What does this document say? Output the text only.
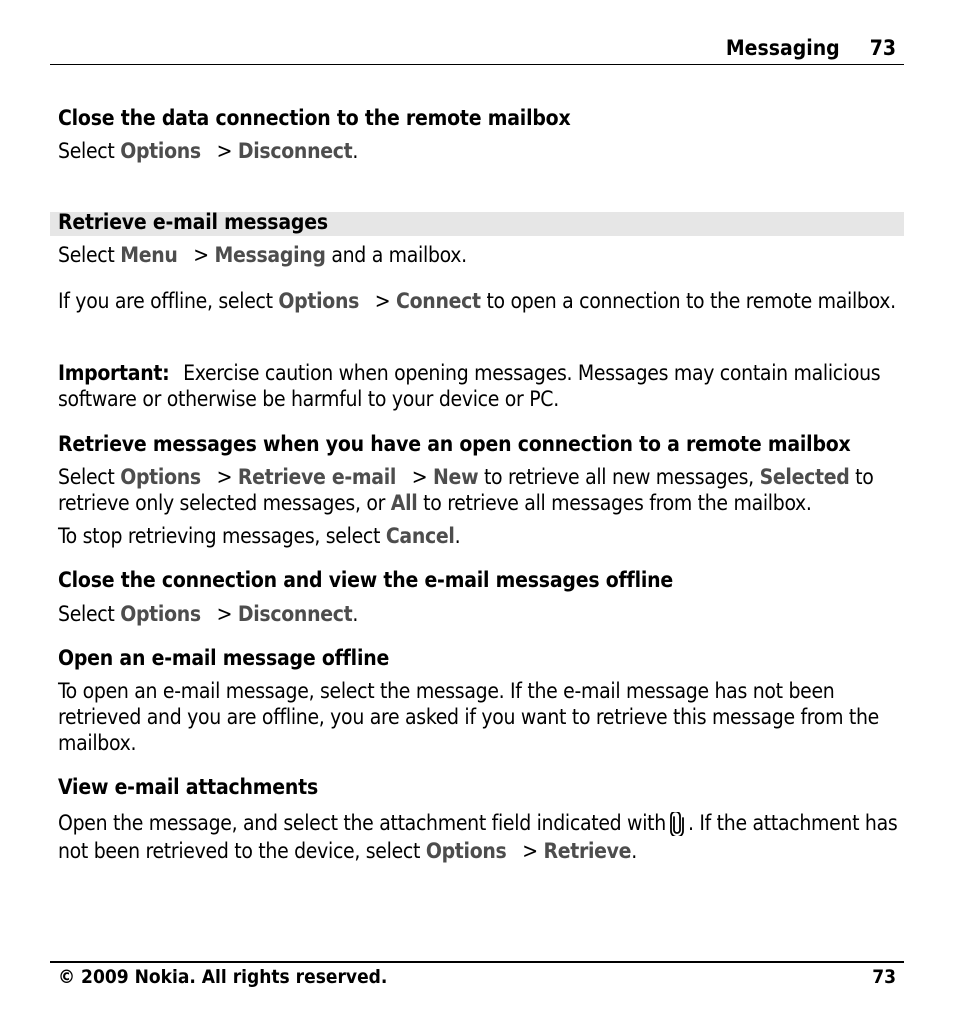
Messaging 73
Close the data connection to the remote mailbox
Select Options > Disconnect.
Retrieve e-mail messages
Select Menu > Messaging and a mailbox.
If you are offline, select Options > Connect to open a connection to the remote mailbox.
Important: Exercise caution when opening messages. Messages may contain malicious software or otherwise be harmful to your device or PC.
Retrieve messages when you have an open connection to a remote mailbox
Select Options > Retrieve e-mail > New to retrieve all new messages, Selected to retrieve only selected messages, or All to retrieve all messages from the mailbox.
To stop retrieving messages, select Cancel.
Close the connection and view the e-mail messages offline
Select Options > Disconnect.
Open an e-mail message offline
To open an e-mail message, select the message. If the e-mail message has not been retrieved and you are offline, you are asked if you want to retrieve this message from the mailbox.
View e-mail attachments
Open the message, and select the attachment field indicated with . If the attachment has not been retrieved to the device, select Options > Retrieve.
© 2009 Nokia. All rights reserved.	73
